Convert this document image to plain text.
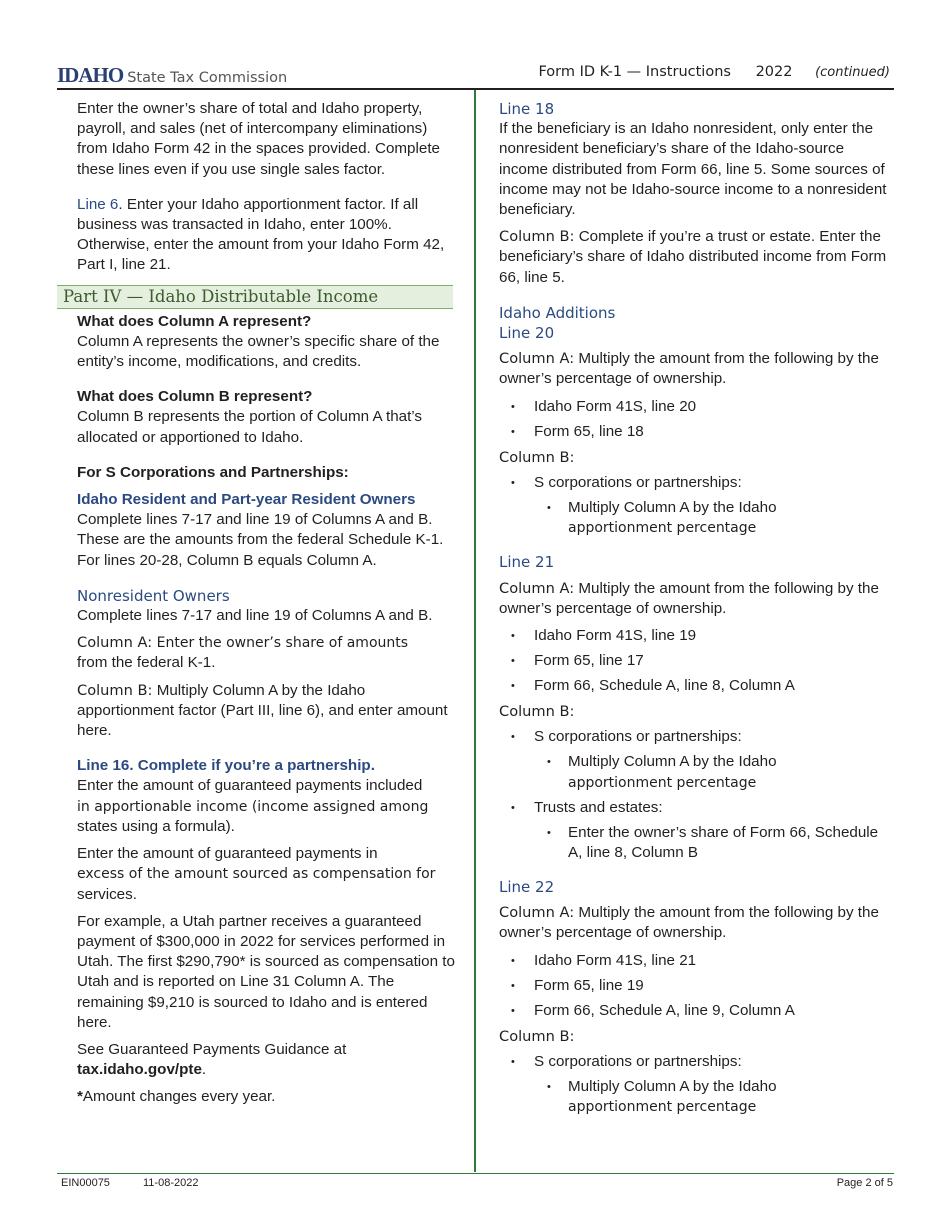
IDAHO State Tax Commission	Form ID K-1 — Instructions 2022 (continued)

Enter the owner’s share of total and Idaho property, payroll, and sales (net of intercompany eliminations) from Idaho Form 42 in the spaces provided. Complete these lines even if you use single sales factor.

Line 6. Enter your Idaho apportionment factor. If all business was transacted in Idaho, enter 100%. Otherwise, enter the amount from your Idaho Form 42, Part I, line 21.

Part IV — Idaho Distributable Income
What does Column A represent?

Column A represents the owner’s specific share of the entity’s income, modifications, and credits.

What does Column B represent?

Column B represents the portion of Column A that’s allocated or apportioned to Idaho.

For S Corporations and Partnerships:

Idaho Resident and Part-year Resident Owners

Complete lines 7-17 and line 19 of Columns A and B. These are the amounts from the federal Schedule K-1. For lines 20-28, Column B equals Column A.

Nonresident Owners

Complete lines 7-17 and line 19 of Columns A and B.

Column A: Enter the owner’s share of amounts
from the federal K-1.

Column B: Multiply Column A by the Idaho apportionment factor (Part III, line 6), and enter amount here.

Line 16. Complete if you’re a partnership.

Enter the amount of guaranteed payments included
in apportionable income (income assigned among
states using a formula).

Enter the amount of guaranteed payments in
excess of the amount sourced as compensation for
services.

For example, a Utah partner receives a guaranteed payment of $300,000 in 2022 for services performed in Utah. The first $290,790* is sourced as compensation to Utah and is reported on Line 31 Column A. The remaining $9,210 is sourced to Idaho and is entered here.

See Guaranteed Payments Guidance at
tax.idaho.gov/pte.

*Amount changes every year.

Line 18

If the beneficiary is an Idaho nonresident, only enter the nonresident beneficiary’s share of the Idaho-source income distributed from Form 66, line 5. Some sources of income may not be Idaho-source income to a nonresident beneficiary.

Column B: Complete if you’re a trust or estate. Enter the beneficiary’s share of Idaho distributed income from Form 66, line 5.

Idaho Additions
Line 20

Column A: Multiply the amount from the following by the owner’s percentage of ownership.

• Idaho Form 41S, line 20
• Form 65, line 18
Column B:
• S corporations or partnerships:
• Multiply Column A by the Idaho
apportionment percentage
Line 21

Column A: Multiply the amount from the following by the owner’s percentage of ownership.

• Idaho Form 41S, line 19
• Form 65, line 17
• Form 66, Schedule A, line 8, Column A
Column B:
• S corporations or partnerships:
• Multiply Column A by the Idaho
apportionment percentage
• Trusts and estates:
• Enter the owner’s share of Form 66, Schedule A, line 8, Column B
Line 22

Column A: Multiply the amount from the following by the owner’s percentage of ownership.

• Idaho Form 41S, line 21
• Form 65, line 19
• Form 66, Schedule A, line 9, Column A
Column B:
• S corporations or partnerships:
• Multiply Column A by the Idaho
apportionment percentage
EIN00075	11-08-2022	Page 2 of 5
